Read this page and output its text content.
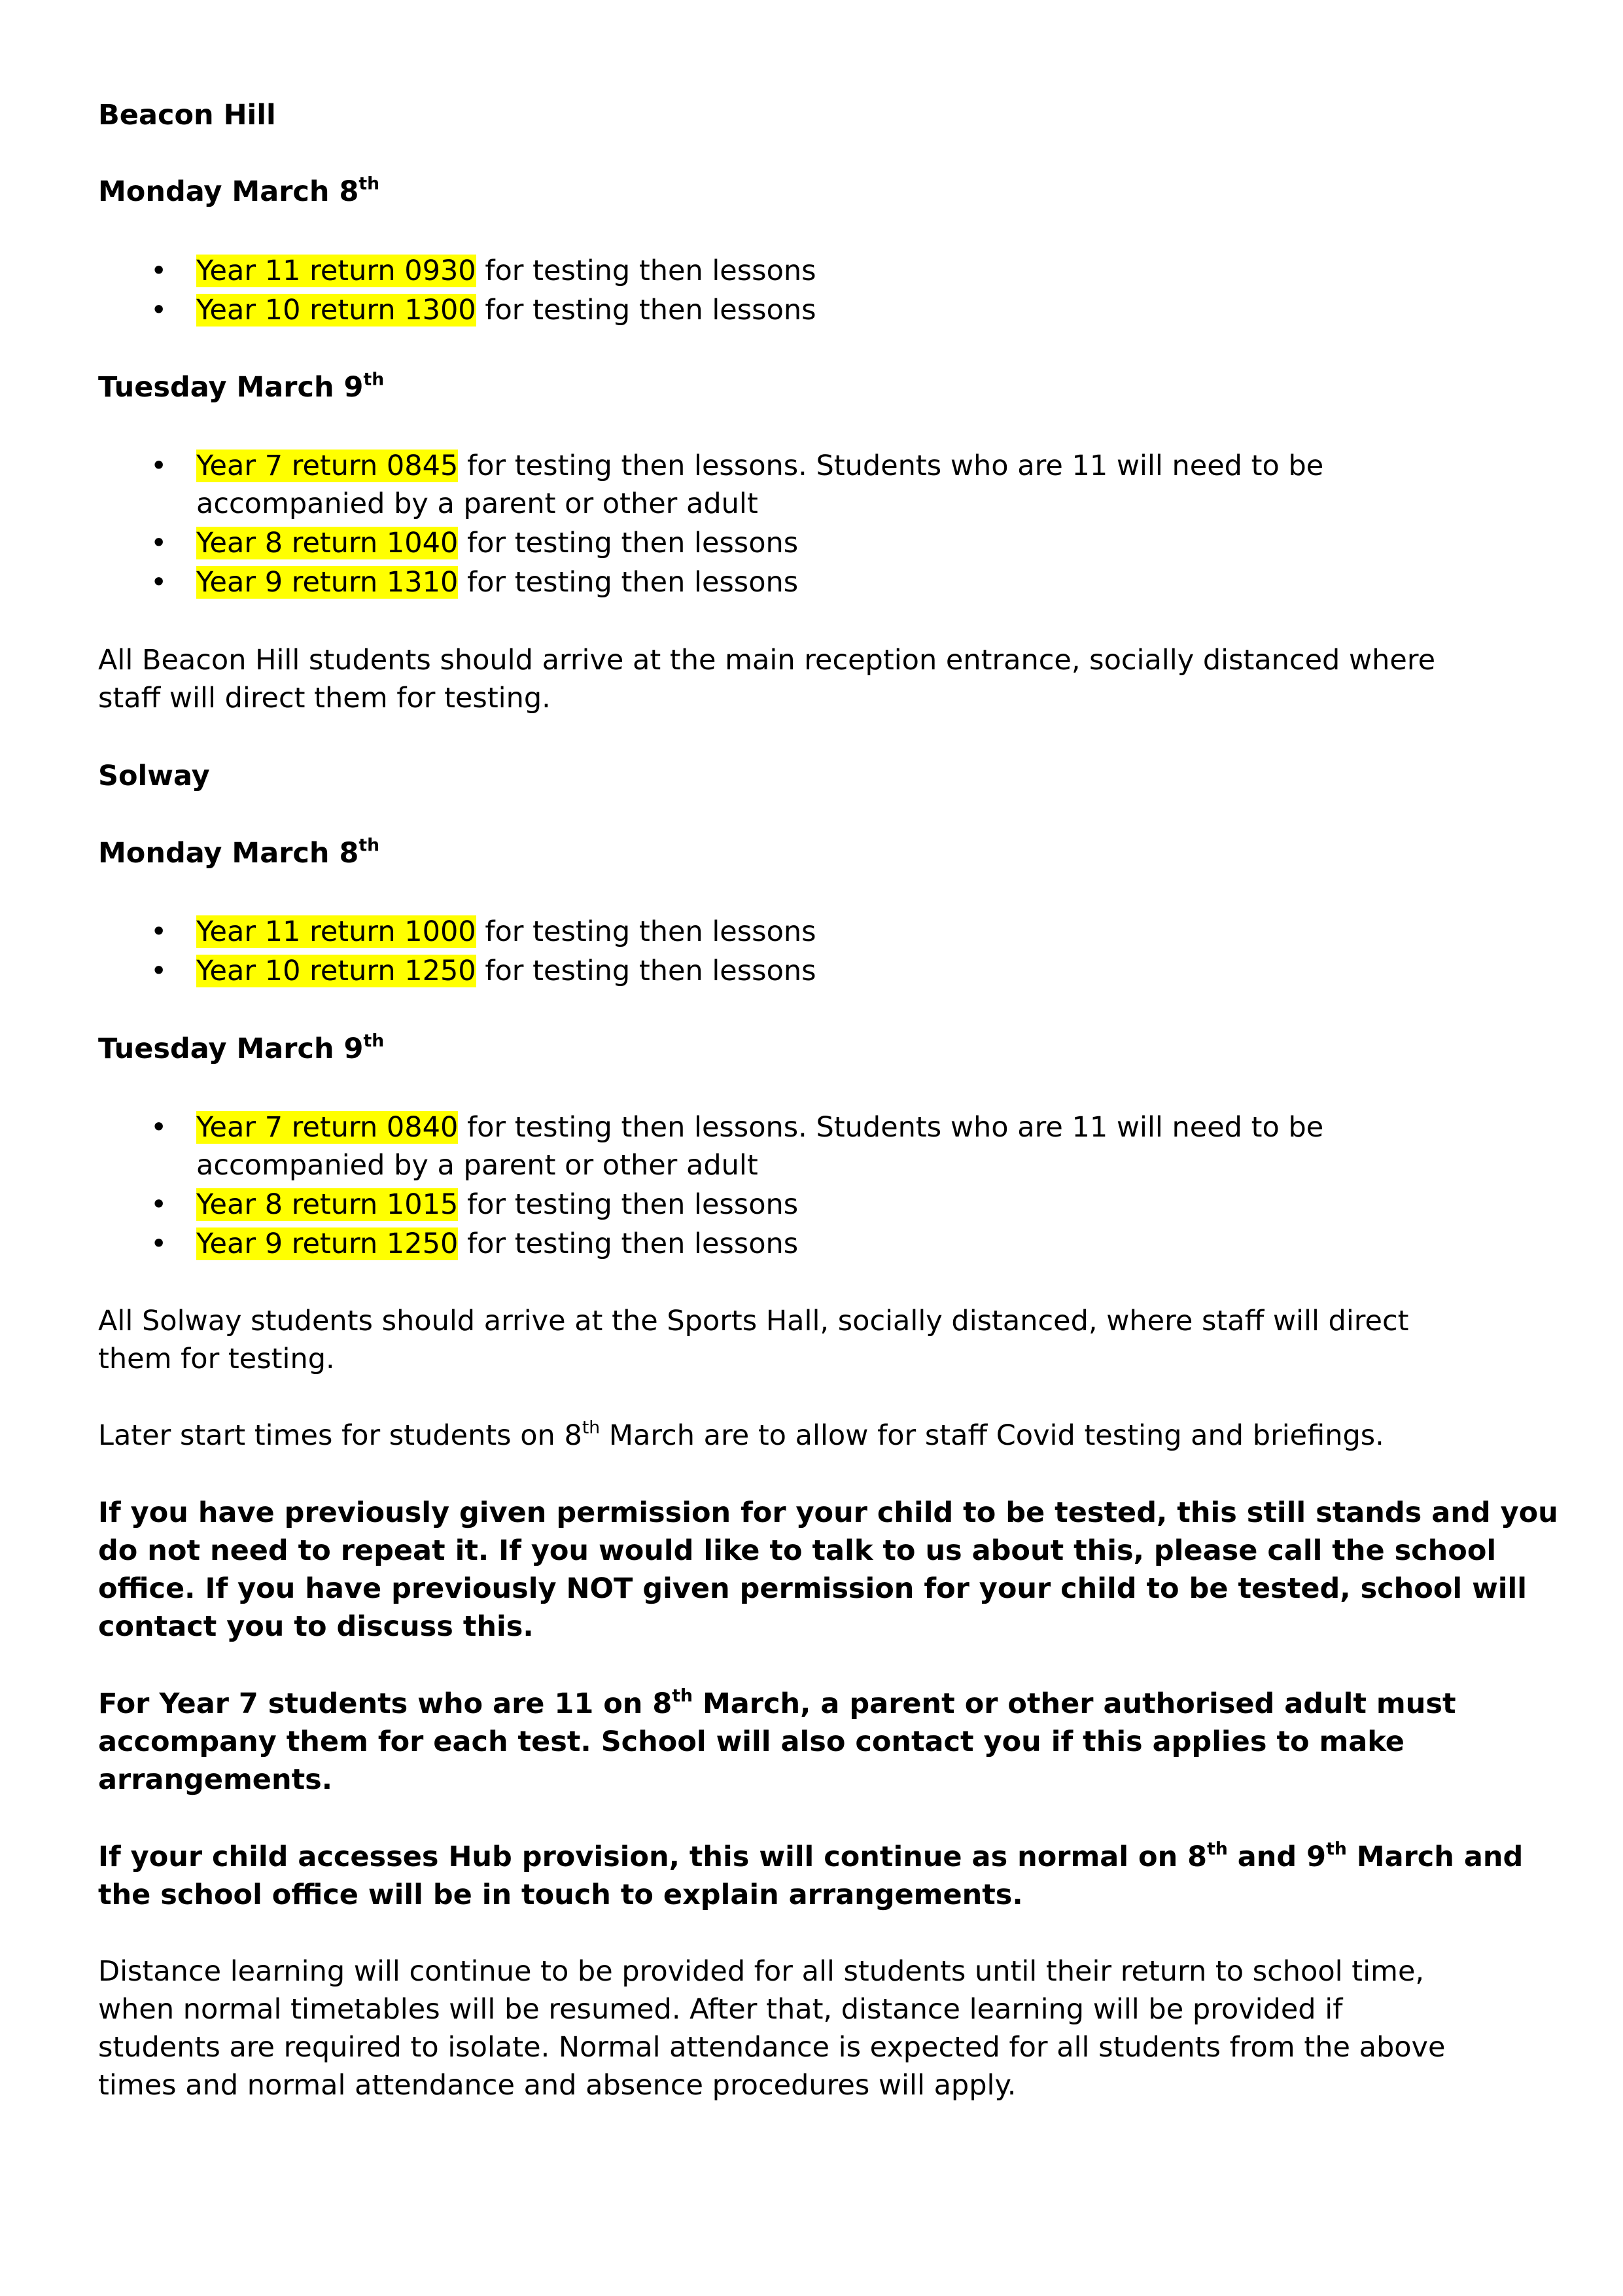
Beacon Hill
Monday March 8th
• Year 11 return 0930 for testing then lessons
• Year 10 return 1300 for testing then lessons
Tuesday March 9th
• Year 7 return 0845 for testing then lessons. Students who are 11 will need to be
accompanied by a parent or other adult
• Year 8 return 1040 for testing then lessons
• Year 9 return 1310 for testing then lessons
All Beacon Hill students should arrive at the main reception entrance, socially distanced where
staff will direct them for testing.
Solway
Monday March 8th
• Year 11 return 1000 for testing then lessons
• Year 10 return 1250 for testing then lessons
Tuesday March 9th
• Year 7 return 0840 for testing then lessons. Students who are 11 will need to be
accompanied by a parent or other adult
• Year 8 return 1015 for testing then lessons
• Year 9 return 1250 for testing then lessons
All Solway students should arrive at the Sports Hall, socially distanced, where staff will direct
them for testing.
Later start times for students on 8th March are to allow for staff Covid testing and briefings.
If you have previously given permission for your child to be tested, this still stands and you
do not need to repeat it. If you would like to talk to us about this, please call the school
office. If you have previously NOT given permission for your child to be tested, school will
contact you to discuss this.
For Year 7 students who are 11 on 8th March, a parent or other authorised adult must
accompany them for each test. School will also contact you if this applies to make
arrangements.
If your child accesses Hub provision, this will continue as normal on 8th and 9th March and
the school office will be in touch to explain arrangements.
Distance learning will continue to be provided for all students until their return to school time,
when normal timetables will be resumed. After that, distance learning will be provided if
students are required to isolate. Normal attendance is expected for all students from the above
times and normal attendance and absence procedures will apply.
